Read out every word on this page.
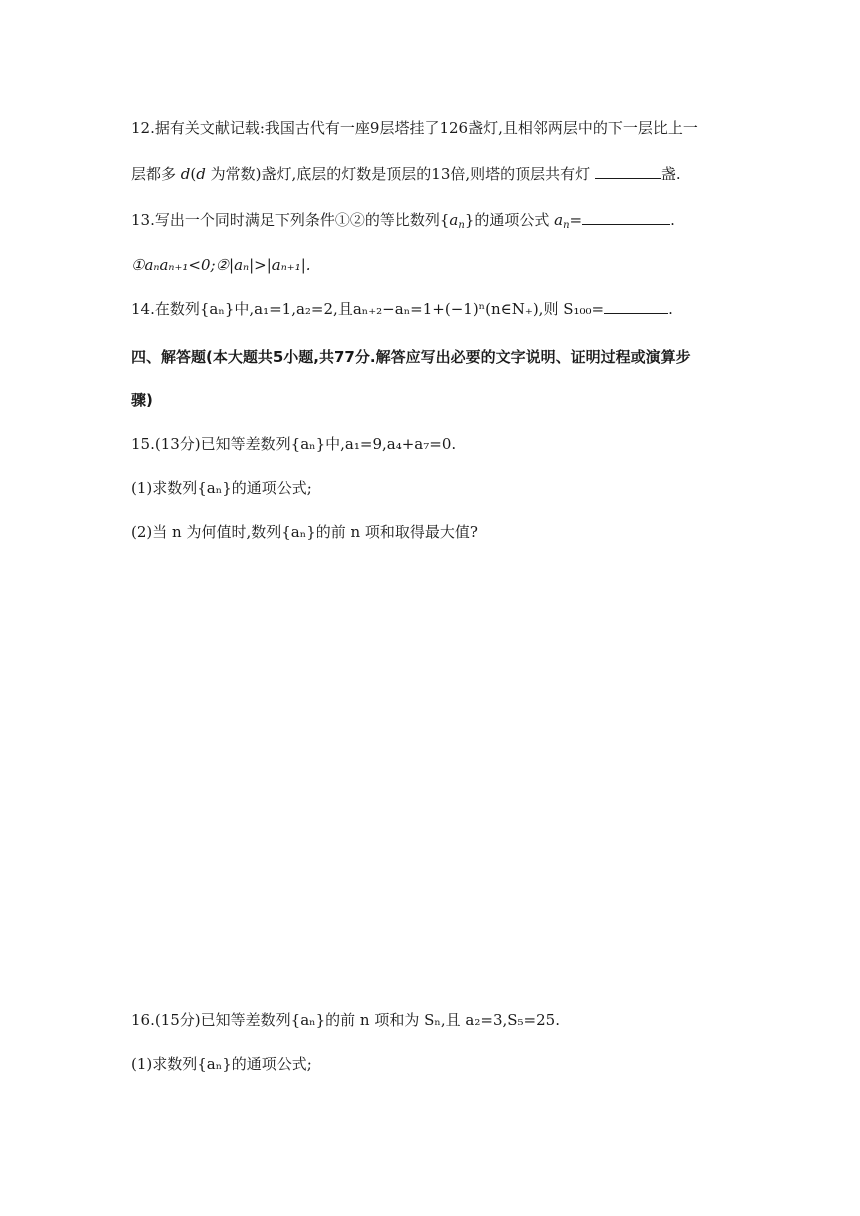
12.据有关文献记载:我国古代有一座9层塔挂了126盏灯,且相邻两层中的下一层比上一
层都多 d(d 为常数)盏灯,底层的灯数是顶层的13倍,则塔的顶层共有灯	盏.
13.写出一个同时满足下列条件①②的等比数列$\{a_n\}$的通项公式 $a_n=$	.
①aₙaₙ₊₁<0;②|aₙ|>|aₙ₊₁|.
14.在数列{aₙ}中,a₁=1,a₂=2,且aₙ₊₂−aₙ=1+(−1)ⁿ(n∈N₊),则 S₁₀₀=	.
四、解答题(本大题共5小题,共77分.解答应写出必要的文字说明、证明过程或演算步
骤)
15.(13分)已知等差数列{aₙ}中,a₁=9,a₄+a₇=0.
(1)求数列{aₙ}的通项公式;
(2)当 n 为何值时,数列{aₙ}的前 n 项和取得最大值?
16.(15分)已知等差数列{aₙ}的前 n 项和为 Sₙ,且 a₂=3,S₅=25.
(1)求数列{aₙ}的通项公式;
